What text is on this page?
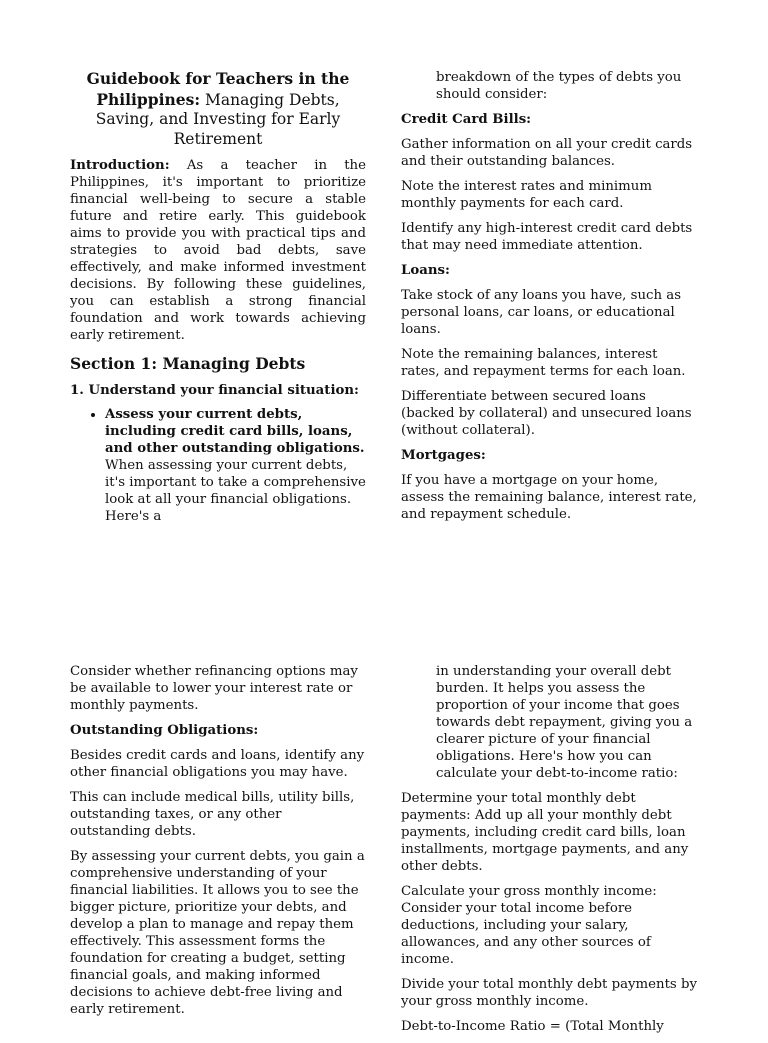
Guidebook for Teachers in the Philippines: Managing Debts, Saving, and Investing for Early Retirement

Introduction: As a teacher in the Philippines, it's important to prioritize financial well-being to secure a stable future and retire early. This guidebook aims to provide you with practical tips and strategies to avoid bad debts, save effectively, and make informed investment decisions. By following these guidelines, you can establish a strong financial foundation and work towards achieving early retirement.

Section 1: Managing Debts
1. Understand your financial situation:
• Assess your current debts, including credit card bills, loans, and other outstanding obligations. When assessing your current debts, it's important to take a comprehensive look at all your financial obligations. Here's a

breakdown of the types of debts you should consider:

Credit Card Bills:

Gather information on all your credit cards and their outstanding balances.

Note the interest rates and minimum monthly payments for each card.

Identify any high-interest credit card debts that may need immediate attention.

Loans:

Take stock of any loans you have, such as personal loans, car loans, or educational loans.

Note the remaining balances, interest rates, and repayment terms for each loan.

Differentiate between secured loans (backed by collateral) and unsecured loans (without collateral).

Mortgages:

If you have a mortgage on your home, assess the remaining balance, interest rate, and repayment schedule.

Consider whether refinancing options may be available to lower your interest rate or monthly payments.

Outstanding Obligations:

Besides credit cards and loans, identify any other financial obligations you may have.

This can include medical bills, utility bills, outstanding taxes, or any other outstanding debts.

By assessing your current debts, you gain a comprehensive understanding of your financial liabilities. It allows you to see the bigger picture, prioritize your debts, and develop a plan to manage and repay them effectively. This assessment forms the foundation for creating a budget, setting financial goals, and making informed decisions to achieve debt-free living and early retirement.

in understanding your overall debt burden. It helps you assess the proportion of your income that goes towards debt repayment, giving you a clearer picture of your financial obligations. Here's how you can calculate your debt-to-income ratio:

Determine your total monthly debt payments: Add up all your monthly debt payments, including credit card bills, loan installments, mortgage payments, and any other debts.

Calculate your gross monthly income: Consider your total income before deductions, including your salary, allowances, and any other sources of income.

Divide your total monthly debt payments by your gross monthly income.

Debt-to-Income Ratio = (Total Monthly
